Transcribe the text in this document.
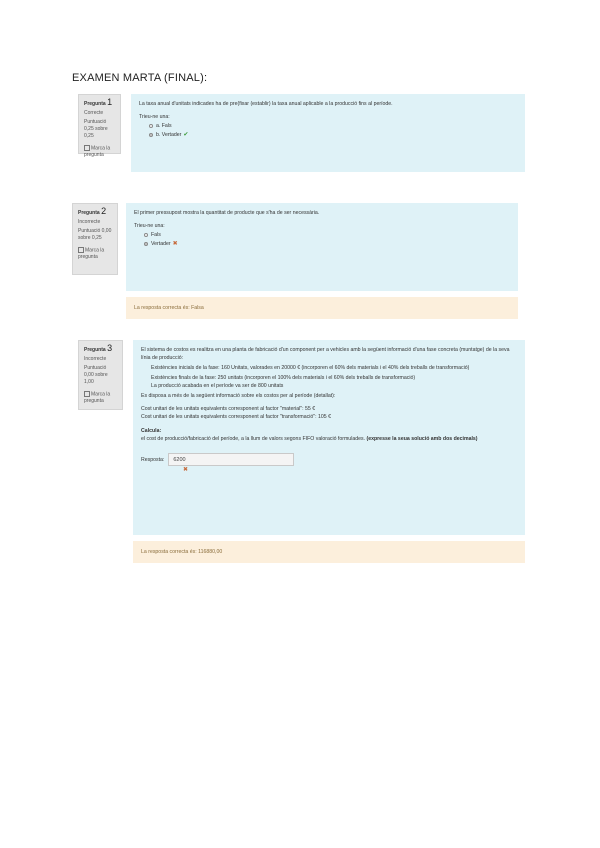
EXAMEN MARTA (FINAL):
Pregunta 1
Correcte
Puntuació 0,25 sobre 0,25
Marca la pregunta

La taxa anual d'unitats indicades ha de pre(fixar (establir) la taxa anual aplicable a la producció fins al període.

Trieu-ne una:
a. Fals
b. Vertader ✔
Pregunta 2
Incorrecte
Puntuació 0,00 sobre 0,25
Marca la pregunta

El primer pressupost mostra la quantitat de producte que s'ha de ser necessària.

Trieu-ne una:
Fals
Vertader ✖
La resposta correcta és: Falsa
Pregunta 3
Incorrecte
Puntuació 0,00 sobre 1,00
Marca la pregunta

El sistema de costos es realitza en una planta de fabricació d'un component per a vehicles amb la següent informació d'una fase concreta (muntatge) de la seva línia de producció:

Existències inicials de la fase: 160 Unitats, valorades en 20000 € (incorporen el 60% dels materials i el 40% dels treballs de transformació)

Existències finals de la fase: 250 unitats (incorporen el 100% dels materials i el 60% dels treballs de transformació)

La producció acabada en el període va ser de 800 unitats

Es disposa a més de la següent informació sobre els costos per al període (detallat):

Cost unitari de les unitats equivalents corresponent al factor "material": 55 €

Cost unitari de les unitats equivalents corresponent al factor "transformació": 105 €

Calcula:

el cost de producció/fabricació del període, a la llum de valors segons FIFO valoració formulades. (expresse la seua solució amb dos decimals)

Resposta:	6200
✖
La resposta correcta és: 116880,00
